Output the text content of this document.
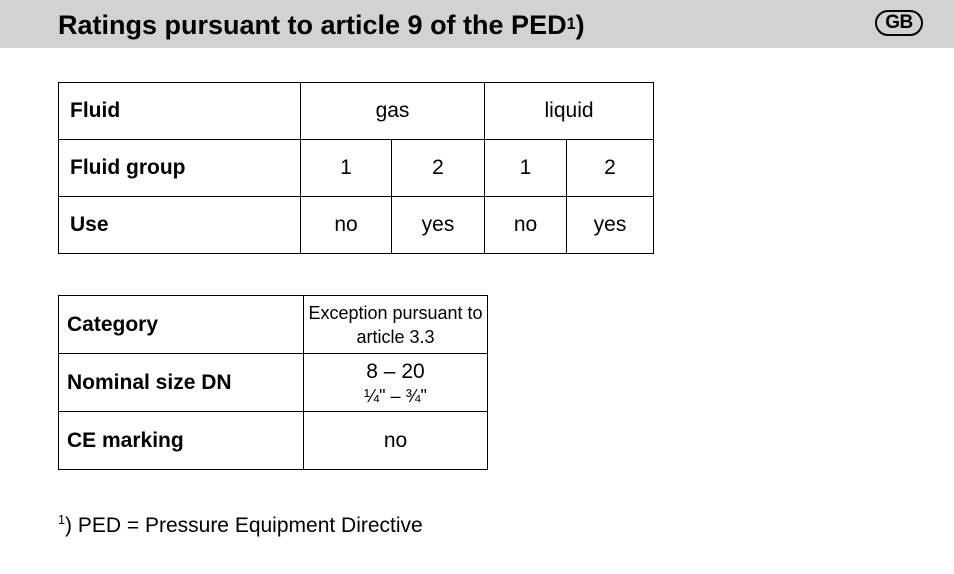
Ratings pursuant to article 9 of the PED$^1$)	GB
Fluid	gas		liquid	
Fluid group	1	2	1	2
Use	no	yes	no	yes
Category	Exception pursuant to article 3.3
Nominal size DN	8 – 20
¼" – ¾"

CE marking	no
$^1$) PED = Pressure Equipment Directive
